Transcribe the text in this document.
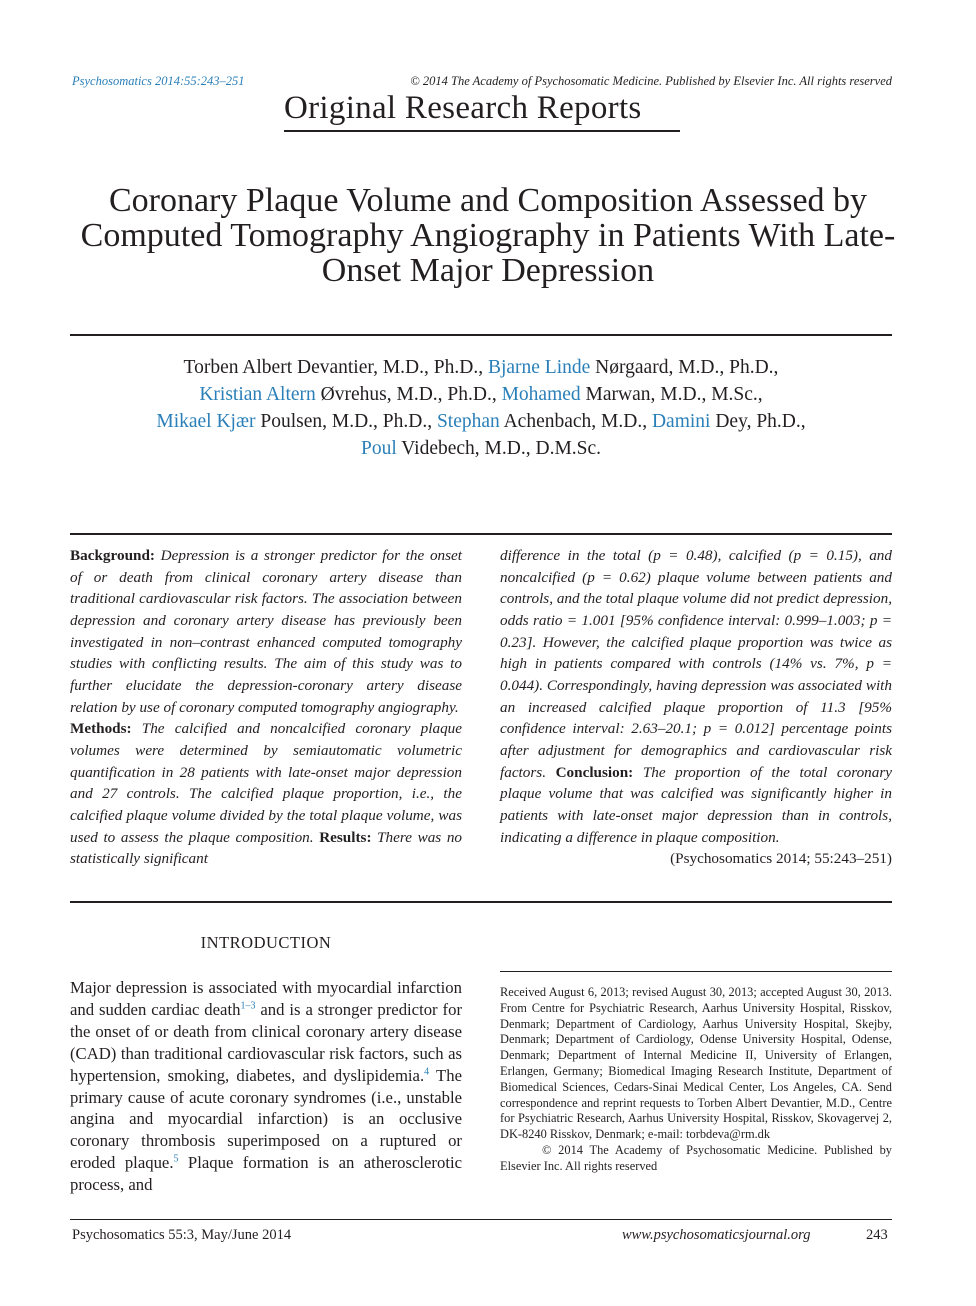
Psychosomatics 2014:55:243–251	© 2014 The Academy of Psychosomatic Medicine. Published by Elsevier Inc. All rights reserved
Original Research Reports
Coronary Plaque Volume and Composition Assessed by Computed Tomography Angiography in Patients With Late-Onset Major Depression
Torben Albert Devantier, M.D., Ph.D., Bjarne Linde Nørgaard, M.D., Ph.D.,
Kristian Altern Øvrehus, M.D., Ph.D., Mohamed Marwan, M.D., M.Sc.,
Mikael Kjær Poulsen, M.D., Ph.D., Stephan Achenbach, M.D., Damini Dey, Ph.D.,
Poul Videbech, M.D., D.M.Sc.
Background: Depression is a stronger predictor for the onset of or death from clinical coronary artery disease than traditional cardiovascular risk factors. The association between depression and coronary artery disease has previously been investigated in non–contrast enhanced computed tomography studies with conflicting results. The aim of this study was to further elucidate the depression-coronary artery disease relation by use of coronary computed tomography angiography.
Methods: The calcified and noncalcified coronary plaque volumes were determined by semiautomatic volumetric quantification in 28 patients with late-onset major depression and 27 controls. The calcified plaque proportion, i.e., the calcified plaque volume divided by the total plaque volume, was used to assess the plaque composition. Results: There was no statistically significant
difference in the total (p = 0.48), calcified (p = 0.15), and noncalcified (p = 0.62) plaque volume between patients and controls, and the total plaque volume did not predict depression, odds ratio = 1.001 [95% confidence interval: 0.999–1.003; p = 0.23]. However, the calcified plaque proportion was twice as high in patients compared with controls (14% vs. 7%, p = 0.044). Correspondingly, having depression was associated with an increased calcified plaque proportion of 11.3 [95% confidence interval: 2.63–20.1; p = 0.012] percentage points after adjustment for demographics and cardiovascular risk factors. Conclusion: The proportion of the total coronary plaque volume that was calcified was significantly higher in patients with late-onset major depression than in controls, indicating a difference in plaque composition.
(Psychosomatics 2014; 55:243–251)
INTRODUCTION
Major depression is associated with myocardial infarction and sudden cardiac death$^{1-3}$ and is a stronger predictor for the onset of or death from clinical coronary artery disease (CAD) than traditional cardiovascular risk factors, such as hypertension, smoking, diabetes, and dyslipidemia.$^4$ The primary cause of acute coronary syndromes (i.e., unstable angina and myocardial infarction) is an occlusive coronary thrombosis superimposed on a ruptured or eroded plaque.$^5$ Plaque formation is an atherosclerotic process, and
Received August 6, 2013; revised August 30, 2013; accepted August 30, 2013. From Centre for Psychiatric Research, Aarhus University Hospital, Risskov, Denmark; Department of Cardiology, Aarhus University Hospital, Skejby, Denmark; Department of Cardiology, Odense University Hospital, Odense, Denmark; Department of Internal Medicine II, University of Erlangen, Erlangen, Germany; Biomedical Imaging Research Institute, Department of Biomedical Sciences, Cedars-Sinai Medical Center, Los Angeles, CA. Send correspondence and reprint requests to Torben Albert Devantier, M.D., Centre for Psychiatric Research, Aarhus University Hospital, Risskov, Skovagervej 2, DK-8240 Risskov, Denmark; e-mail: torbdeva@rm.dk
© 2014 The Academy of Psychosomatic Medicine. Published by Elsevier Inc. All rights reserved
Psychosomatics 55:3, May/June 2014	www.psychosomaticsjournal.org	243
